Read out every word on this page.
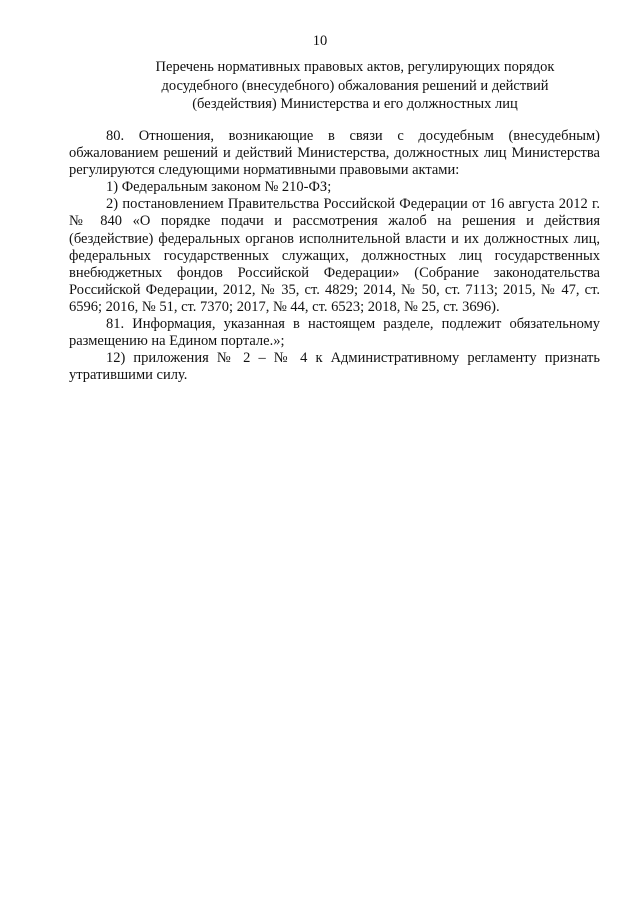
10
Перечень нормативных правовых актов, регулирующих порядок
досудебного (внесудебного) обжалования решений и действий
(бездействия) Министерства и его должностных лиц

80. Отношения, возникающие в связи с досудебным (внесудебным) обжалованием решений и действий Министерства, должностных лиц Министерства регулируются следующими нормативными правовыми актами:

1) Федеральным законом № 210-ФЗ;

2) постановлением Правительства Российской Федерации от 16 августа 2012 г. № 840 «О порядке подачи и рассмотрения жалоб на решения и действия (бездействие) федеральных органов исполнительной власти и их должностных лиц, федеральных государственных служащих, должностных лиц государственных внебюджетных фондов Российской Федерации» (Собрание законодательства Российской Федерации, 2012, № 35, ст. 4829; 2014, № 50, ст. 7113; 2015, № 47, ст. 6596; 2016, № 51, ст. 7370; 2017, № 44, ст. 6523; 2018, № 25, ст. 3696).

81. Информация, указанная в настоящем разделе, подлежит обязательному размещению на Едином портале.»;

12) приложения № 2 – № 4 к Административному регламенту признать утратившими силу.
